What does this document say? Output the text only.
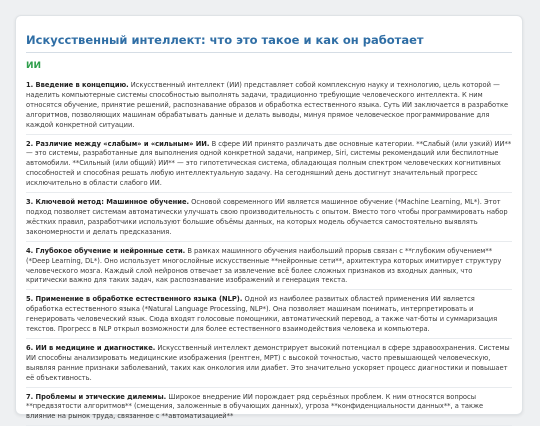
Искусственный интеллект: что это такое и как он работает
ИИ

1. Введение в концепцию. Искусственный интеллект (ИИ) представляет собой комплексную науку и технологию, цель которой — наделить компьютерные системы способностью выполнять задачи, традиционно требующие человеческого интеллекта. К ним относятся обучение, принятие решений, распознавание образов и обработка естественного языка. Суть ИИ заключается в разработке алгоритмов, позволяющих машинам обрабатывать данные и делать выводы, минуя прямое человеческое программирование для каждой конкретной ситуации.

2. Различие между «слабым» и «сильным» ИИ. В сфере ИИ принято различать две основные категории. **Слабый (или узкий) ИИ** — это системы, разработанные для выполнения одной конкретной задачи, например, Siri, системы рекомендаций или беспилотные автомобили. **Сильный (или общий) ИИ** — это гипотетическая система, обладающая полным спектром человеческих когнитивных способностей и способная решать любую интеллектуальную задачу. На сегодняшний день достигнут значительный прогресс исключительно в области слабого ИИ.

3. Ключевой метод: Машинное обучение. Основой современного ИИ является машинное обучение (*Machine Learning, ML*). Этот подход позволяет системам автоматически улучшать свою производительность с опытом. Вместо того чтобы программировать набор жёстких правил, разработчики используют большие объёмы данных, на которых модель обучается самостоятельно выявлять закономерности и делать предсказания.

4. Глубокое обучение и нейронные сети. В рамках машинного обучения наибольший прорыв связан с **глубоким обучением** (*Deep Learning, DL*). Оно использует многослойные искусственные **нейронные сети**, архитектура которых имитирует структуру человеческого мозга. Каждый слой нейронов отвечает за извлечение всё более сложных признаков из входных данных, что критически важно для таких задач, как распознавание изображений и генерация текста.

5. Применение в обработке естественного языка (NLP). Одной из наиболее развитых областей применения ИИ является обработка естественного языка (*Natural Language Processing, NLP*). Она позволяет машинам понимать, интерпретировать и генерировать человеческий язык. Сюда входят голосовые помощники, автоматический перевод, а также чат-боты и суммаризация текстов. Прогресс в NLP открыл возможности для более естественного взаимодействия человека и компьютера.

6. ИИ в медицине и диагностике. Искусственный интеллект демонстрирует высокий потенциал в сфере здравоохранения. Системы ИИ способны анализировать медицинские изображения (рентген, МРТ) с высокой точностью, часто превышающей человеческую, выявляя ранние признаки заболеваний, таких как онкология или диабет. Это значительно ускоряет процесс диагностики и повышает её объективность.

7. Проблемы и этические дилеммы. Широкое внедрение ИИ порождает ряд серьёзных проблем. К ним относятся вопросы **предвзятости алгоритмов** (смещения, заложенные в обучающих данных), угроза **конфиденциальности данных**, а также влияние на рынок труда, связанное с **автоматизацией**
